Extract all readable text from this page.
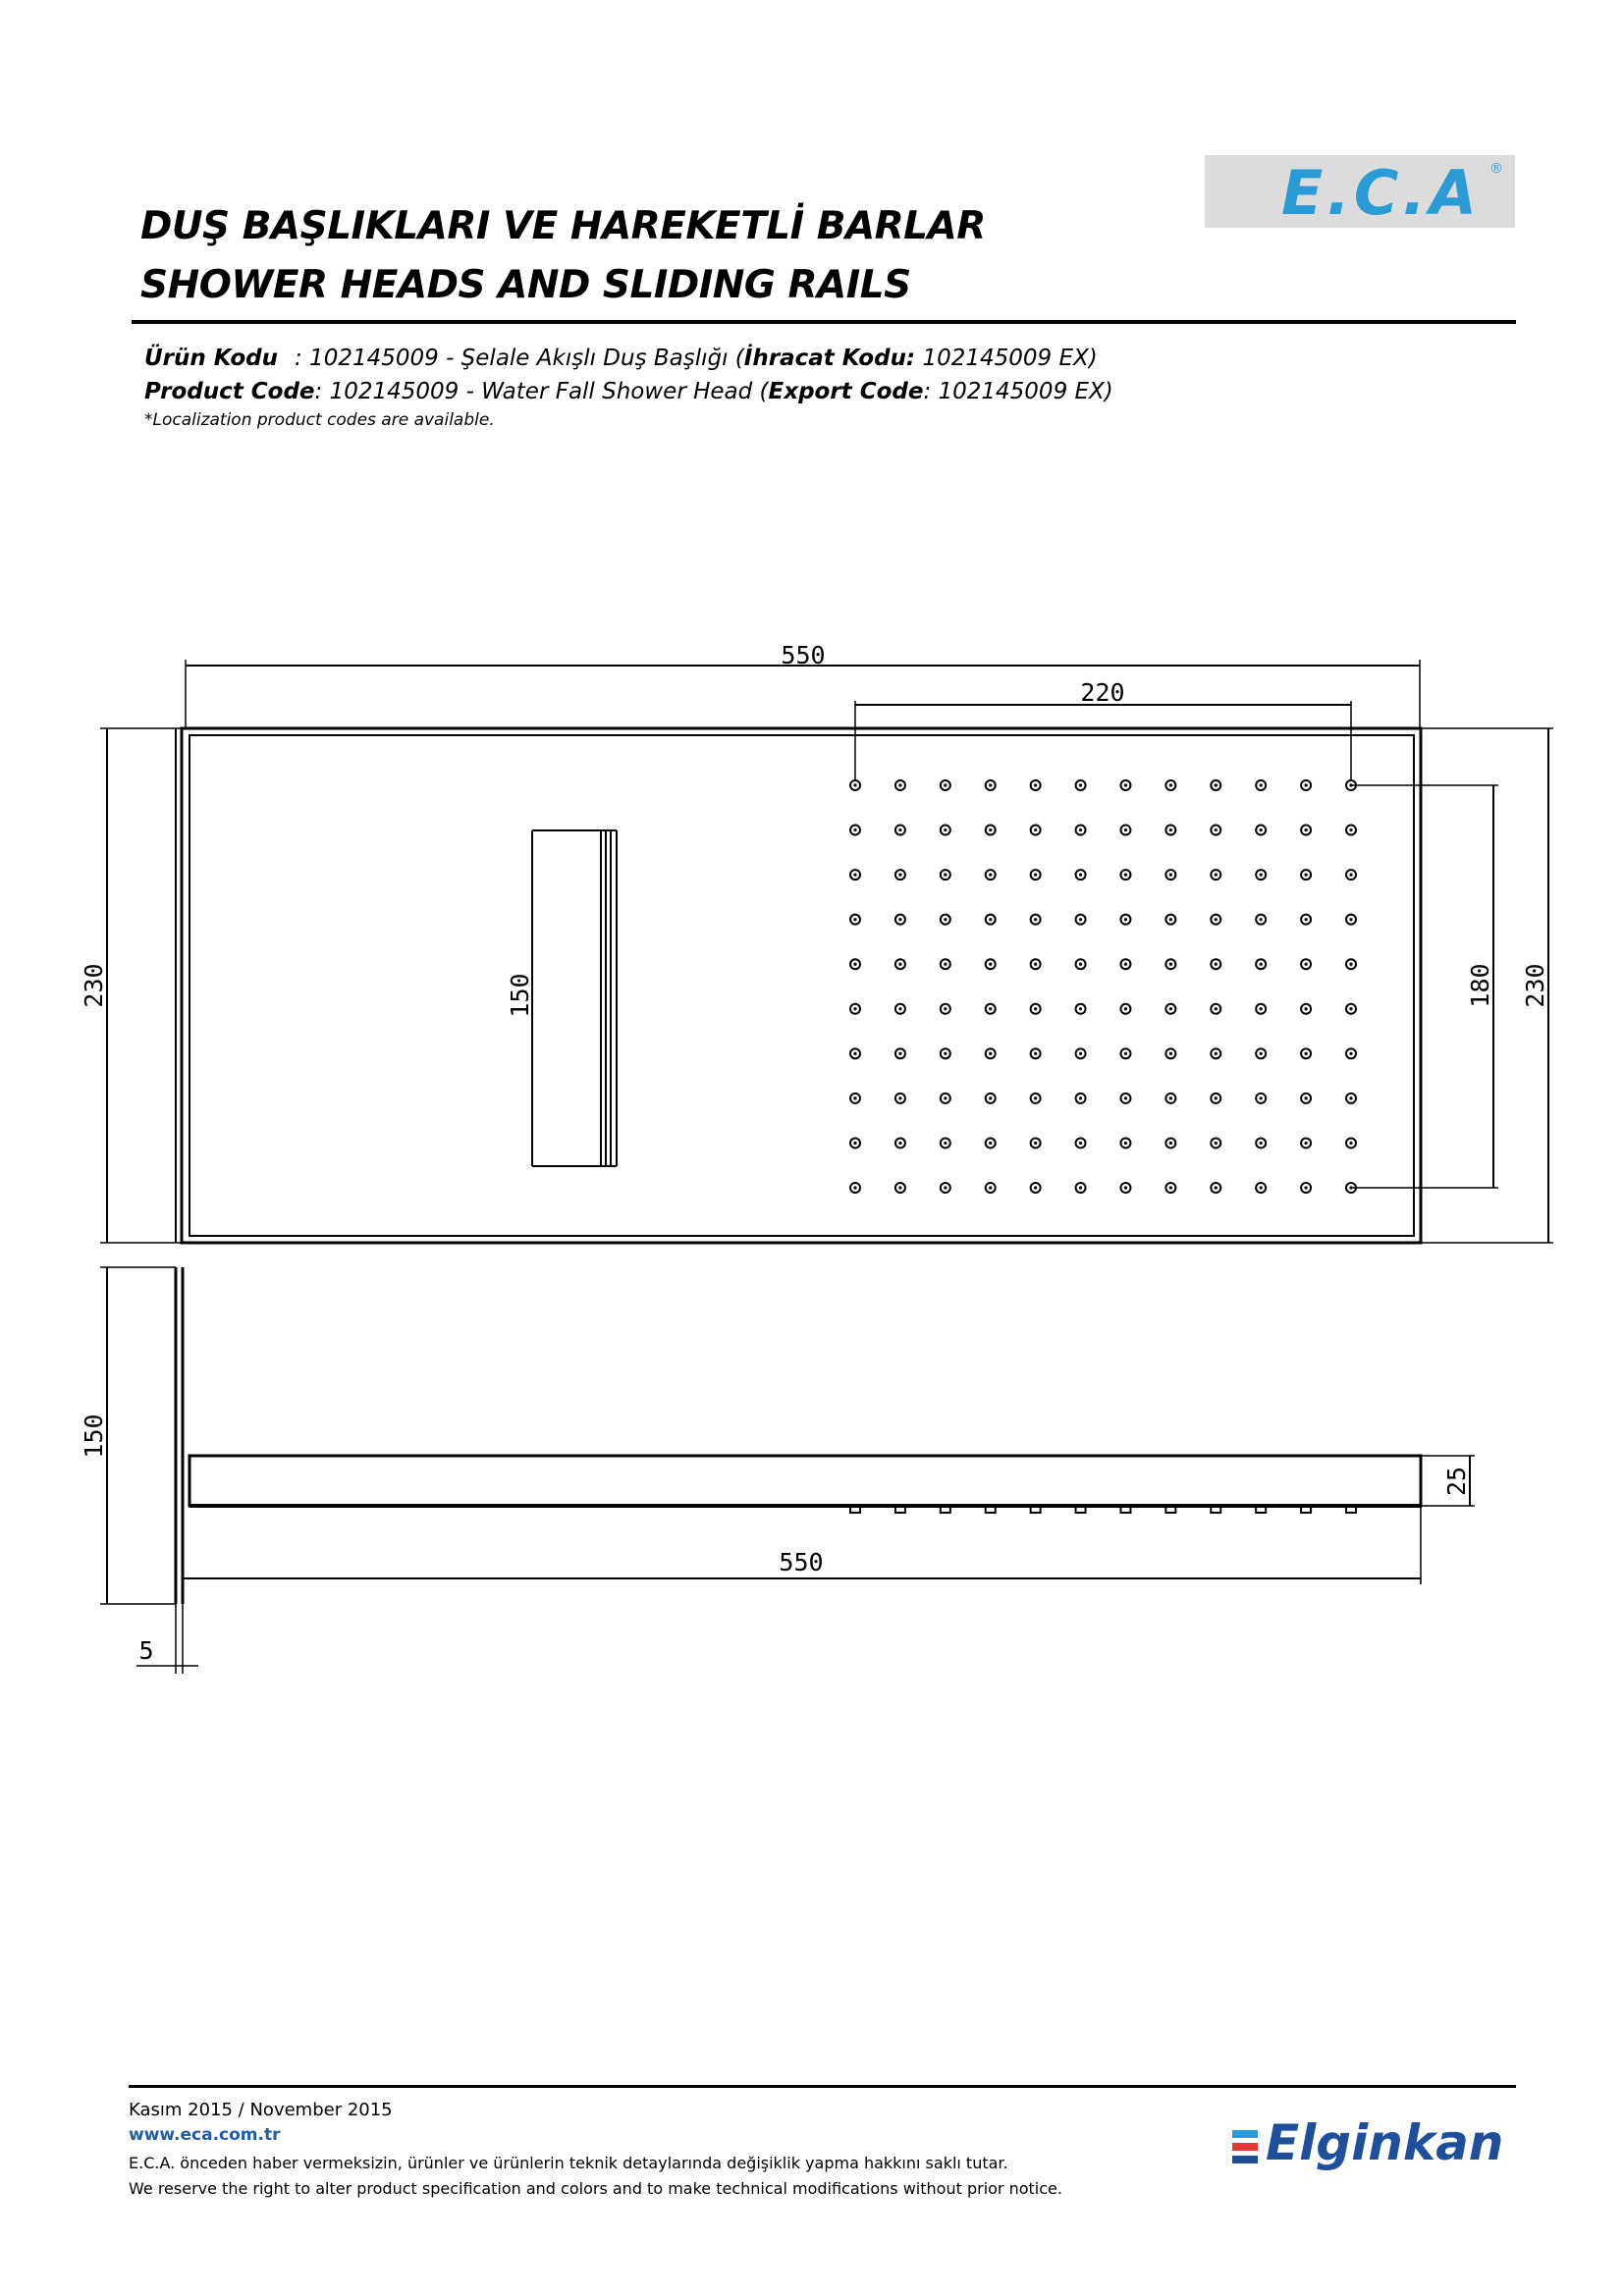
E.C.A ®
DUŞ BAŞLIKLARI VE HAREKETLİ BARLAR
SHOWER HEADS AND SLIDING RAILS
Ürün Kodu : 102145009 - Şelale Akışlı Duş Başlığı (İhracat Kodu: 102145009 EX)
Product Code: 102145009 - Water Fall Shower Head (Export Code: 102145009 EX)
*Localization product codes are available.
550
220
230	150	180 230
150
25
550
5
Kasım 2015 / November 2015
www.eca.com.tr
E.C.A. önceden haber vermeksizin, ürünler ve ürünlerin teknik detaylarında değişiklik yapma hakkını saklı tutar.
We reserve the right to alter product specification and colors and to make technical modifications without prior notice.
Elginkan
